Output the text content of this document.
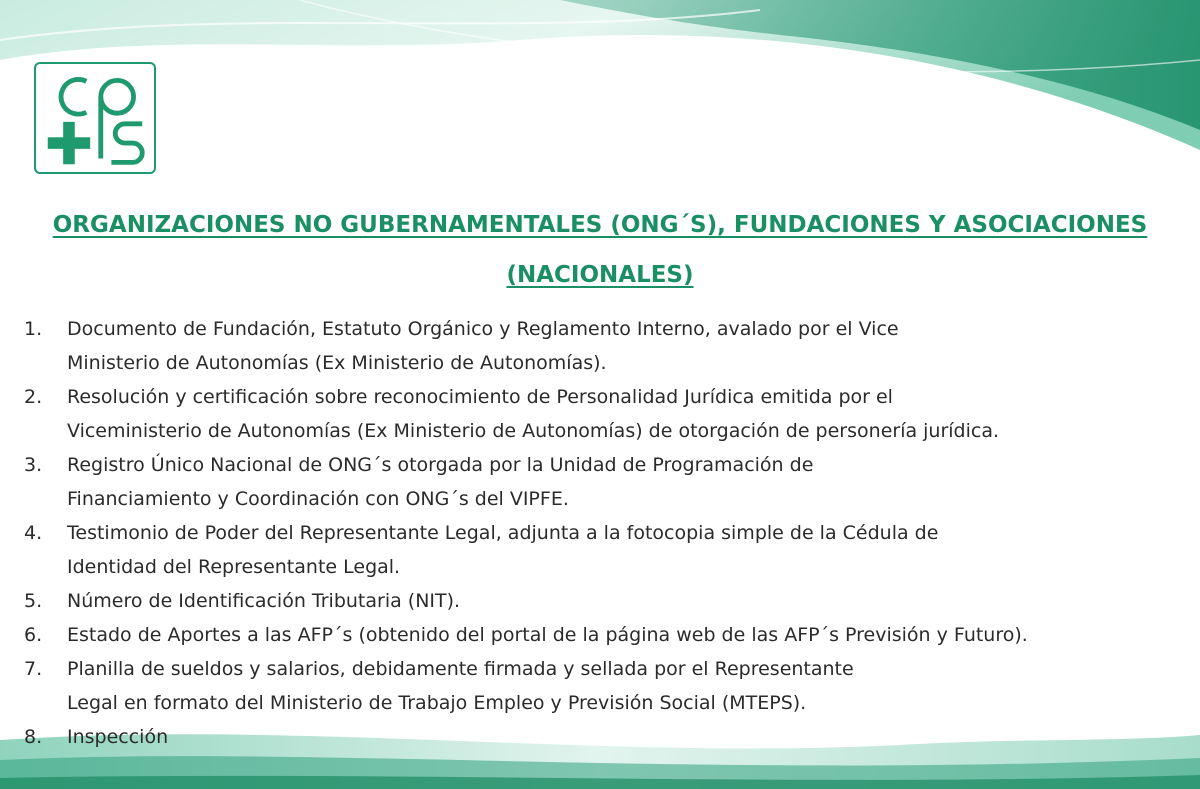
ORGANIZACIONES NO GUBERNAMENTALES (ONG´S), FUNDACIONES Y ASOCIACIONES
(NACIONALES)
1.	Documento de Fundación, Estatuto Orgánico y Reglamento Interno, avalado por el Vice
Ministerio de Autonomías (Ex Ministerio de Autonomías).
2.	Resolución y certificación sobre reconocimiento de Personalidad Jurídica emitida por el
Viceministerio de Autonomías (Ex Ministerio de Autonomías) de otorgación de personería jurídica.
3.	Registro Único Nacional de ONG´s otorgada por la Unidad de Programación de
Financiamiento y Coordinación con ONG´s del VIPFE.
4.	Testimonio de Poder del Representante Legal, adjunta a la fotocopia simple de la Cédula de
Identidad del Representante Legal.
5.	Número de Identificación Tributaria (NIT).
6.	Estado de Aportes a las AFP´s (obtenido del portal de la página web de las AFP´s Previsión y Futuro).
7.	Planilla de sueldos y salarios, debidamente firmada y sellada por el Representante
Legal en formato del Ministerio de Trabajo Empleo y Previsión Social (MTEPS).
8.	Inspección
